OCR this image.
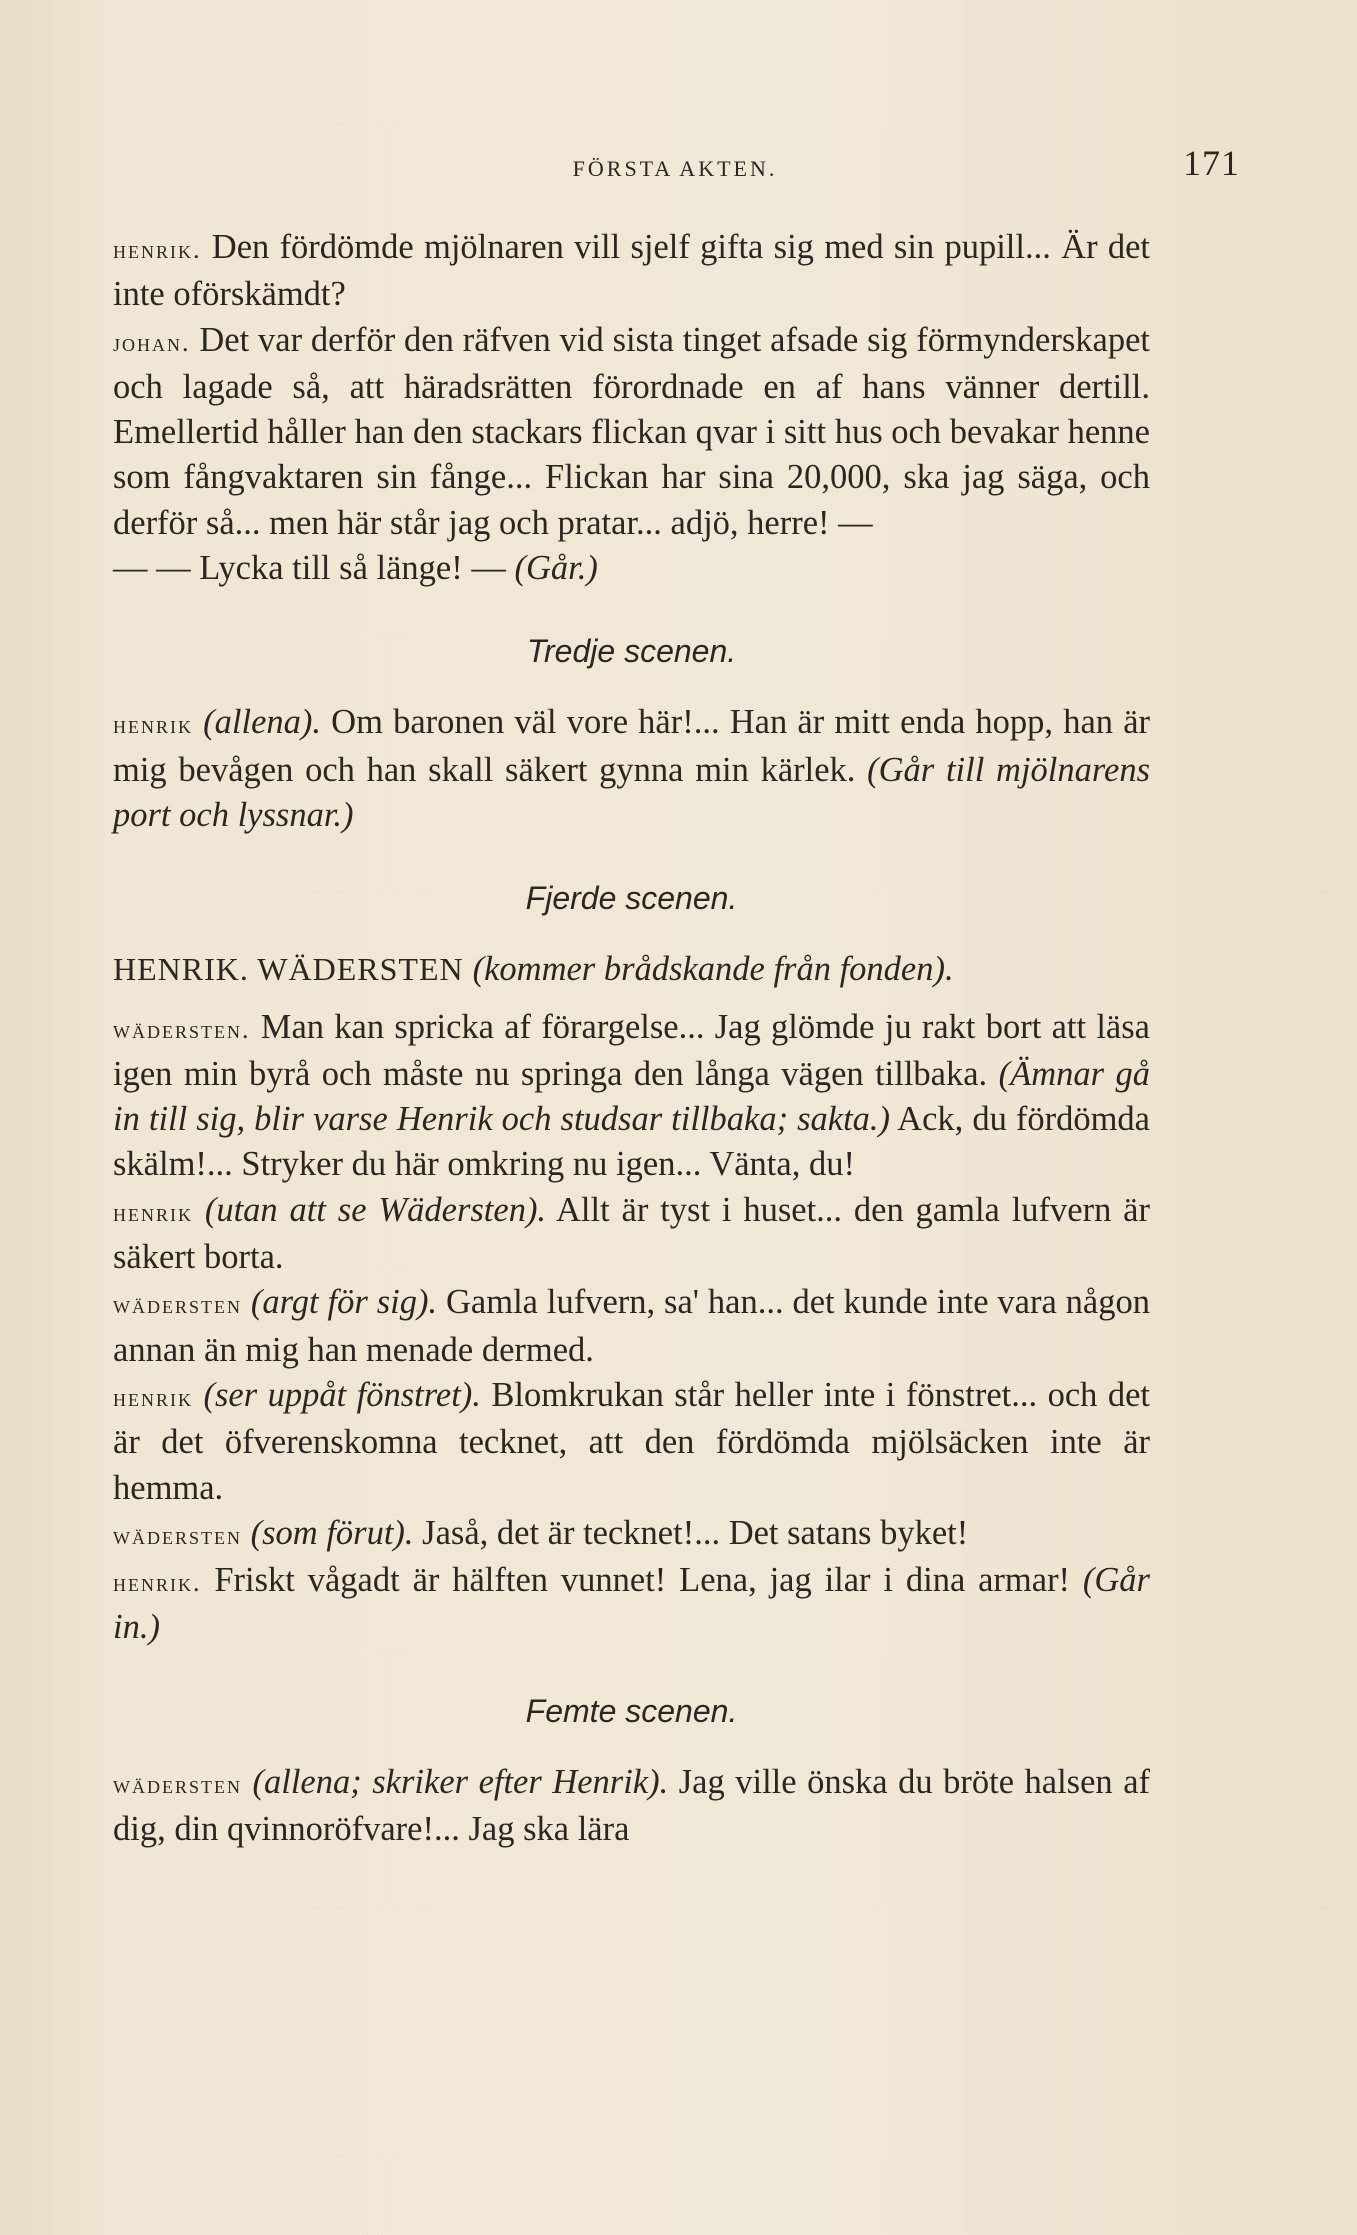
FÖRSTA AKTEN.	171

henrik. Den fördömde mjölnaren vill sjelf gifta sig med sin pupill... Är det inte oförskämdt?

johan. Det var derför den räfven vid sista tinget afsade sig förmynderskapet och lagade så, att häradsrätten förordnade en af hans vänner dertill. Emellertid håller han den stackars flickan qvar i sitt hus och bevakar henne som fångvaktaren sin fånge... Flickan har sina 20,000, ska jag säga, och derför så... men här står jag och pratar... adjö, herre! —

— — Lycka till så länge! — (Går.)

Tredje scenen.

henrik (allena). Om baronen väl vore här!... Han är mitt enda hopp, han är mig bevågen och han skall säkert gynna min kärlek. (Går till mjölnarens port och lyssnar.)

Fjerde scenen.

HENRIK. WÄDERSTEN (kommer brådskande från fonden).

wädersten. Man kan spricka af förargelse... Jag glömde ju rakt bort att läsa igen min byrå och måste nu springa den långa vägen tillbaka. (Ämnar gå in till sig, blir varse Henrik och studsar tillbaka; sakta.) Ack, du fördömda skälm!... Stryker du här omkring nu igen... Vänta, du!

henrik (utan att se Wädersten). Allt är tyst i huset... den gamla lufvern är säkert borta.

wädersten (argt för sig). Gamla lufvern, sa' han... det kunde inte vara någon annan än mig han menade dermed.

henrik (ser uppåt fönstret). Blomkrukan står heller inte i fönstret... och det är det öfverenskomna tecknet, att den fördömda mjölsäcken inte är hemma.

wädersten (som förut). Jaså, det är tecknet!... Det satans byket!

henrik. Friskt vågadt är hälften vunnet! Lena, jag ilar i dina armar! (Går in.)

Femte scenen.

wädersten (allena; skriker efter Henrik). Jag ville önska du bröte halsen af dig, din qvinnoröfvare!... Jag ska lära
